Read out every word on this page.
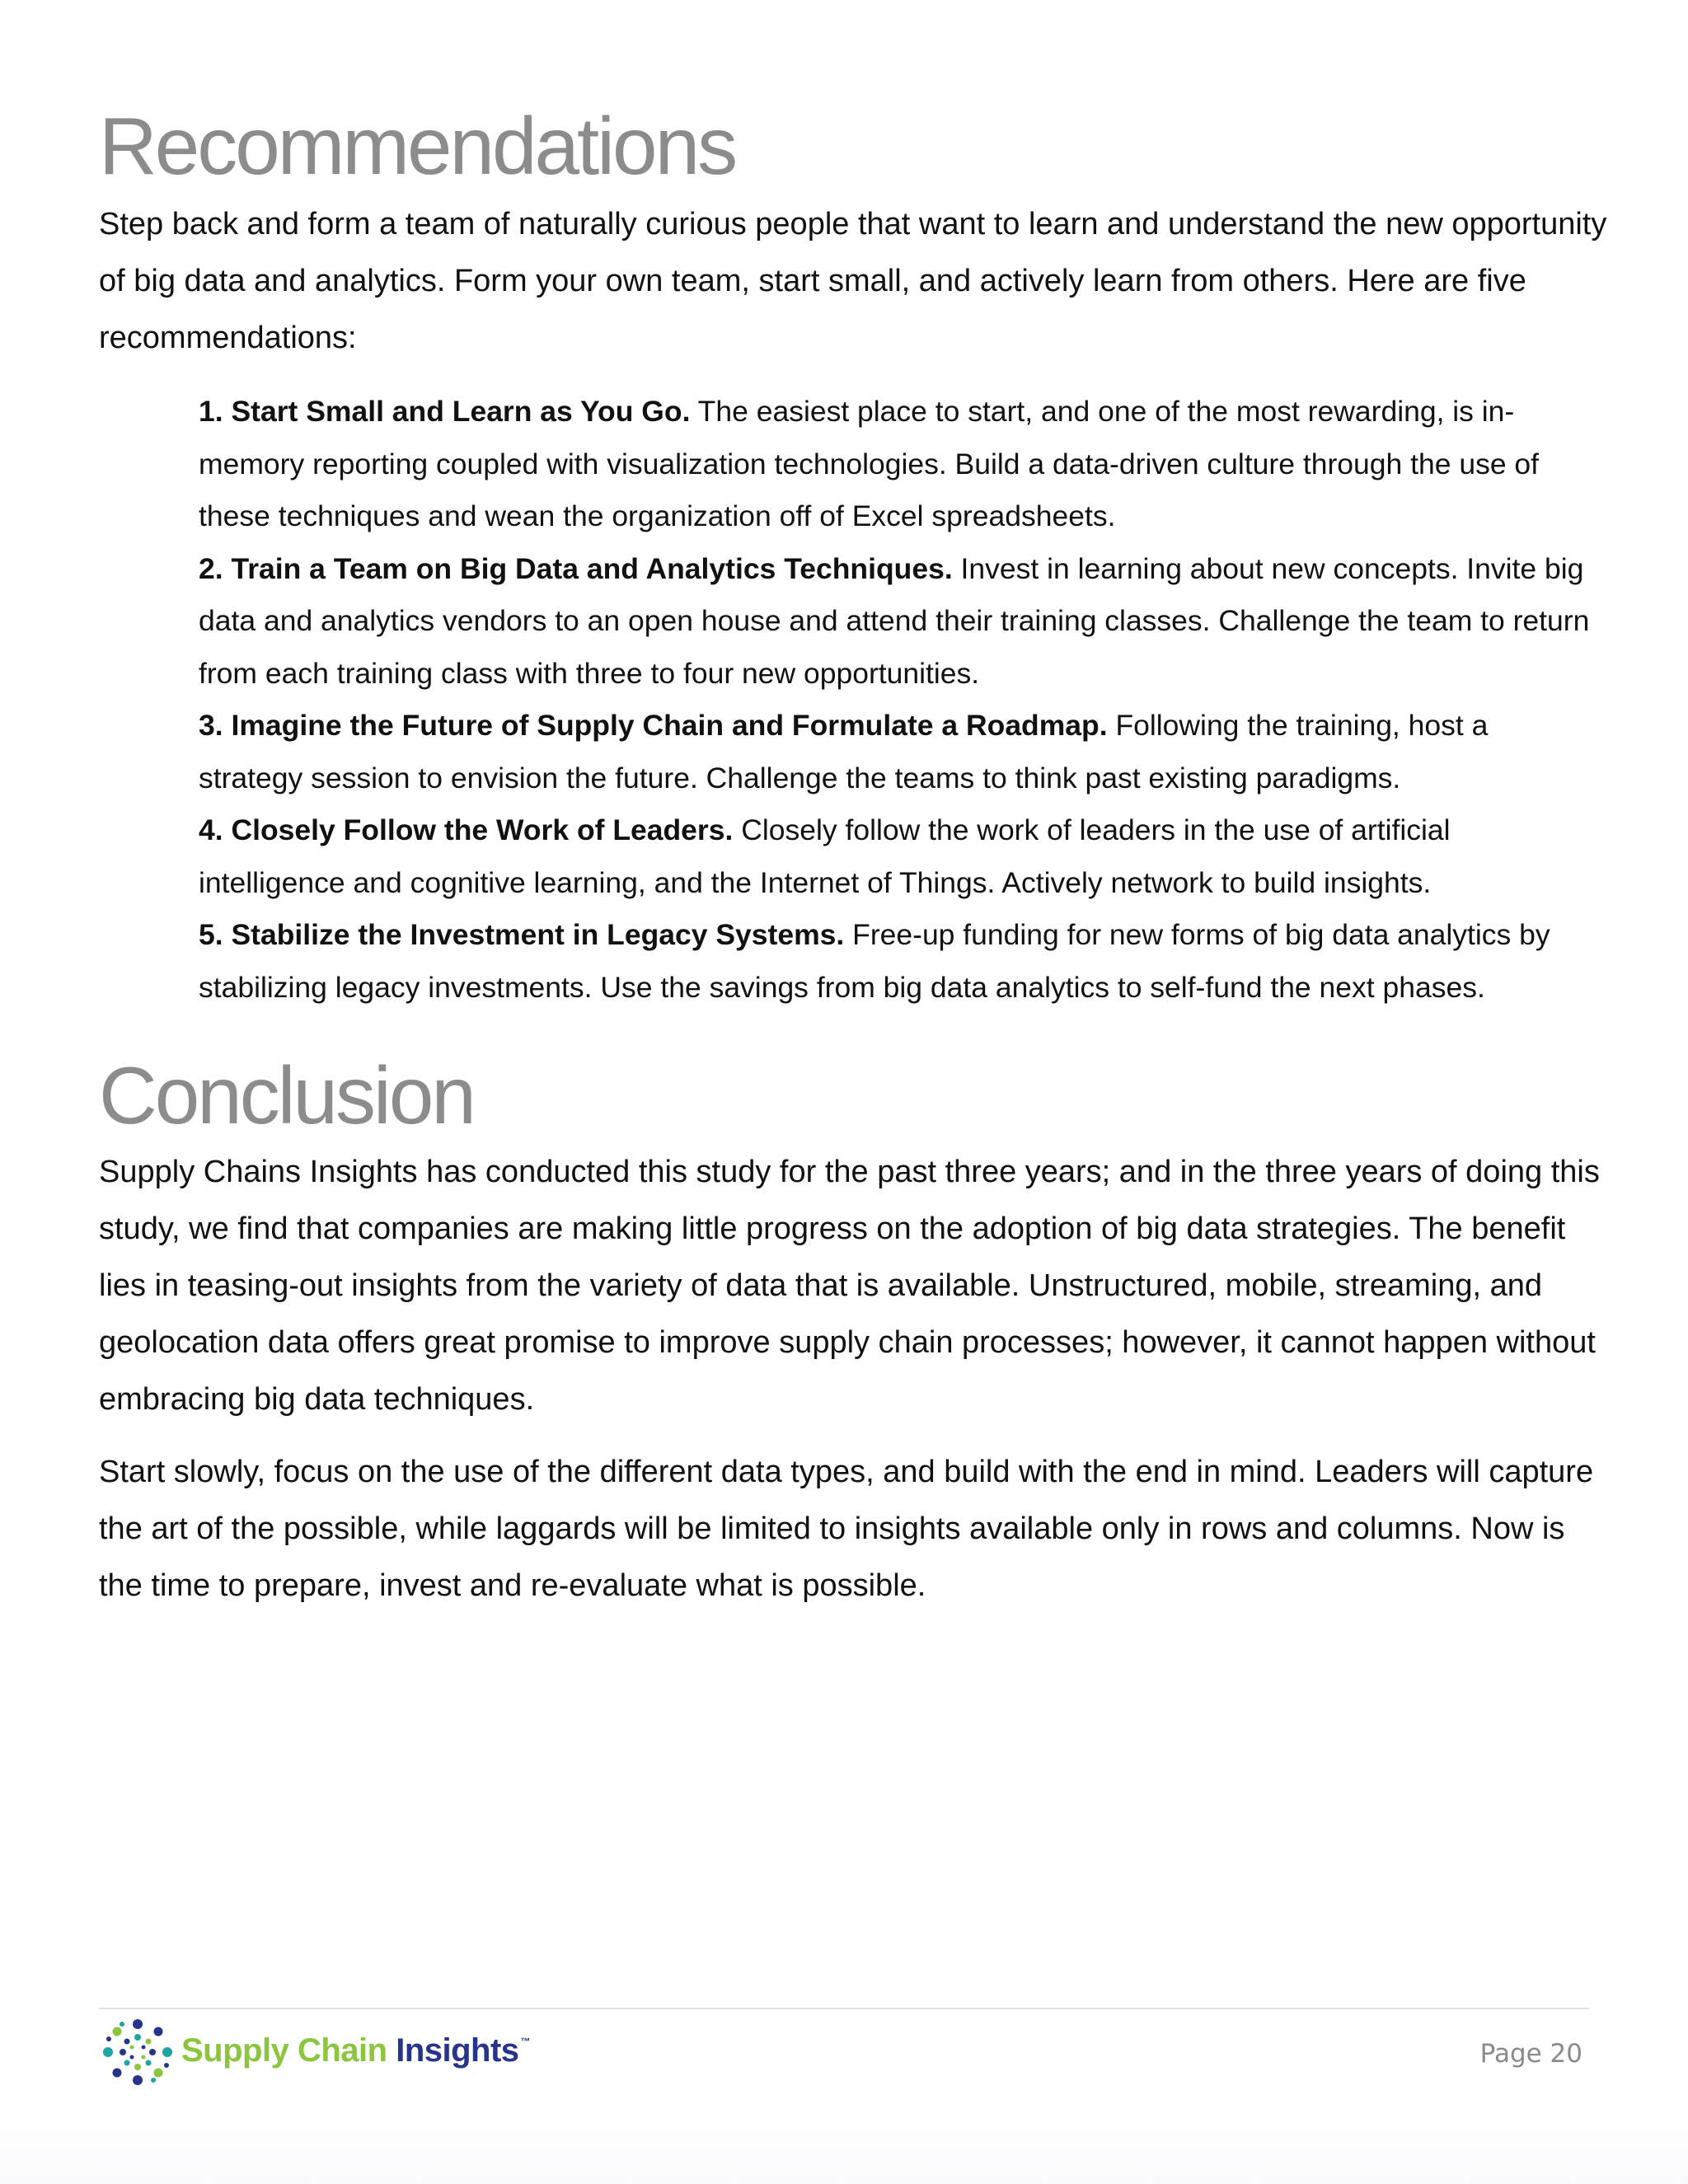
Recommendations

Step back and form a team of naturally curious people that want to learn and understand the new opportunity of big data and analytics. Form your own team, start small, and actively learn from others. Here are five recommendations:

1. Start Small and Learn as You Go. The easiest place to start, and one of the most rewarding, is in-memory reporting coupled with visualization technologies. Build a data-driven culture through the use of these techniques and wean the organization off of Excel spreadsheets.
2. Train a Team on Big Data and Analytics Techniques. Invest in learning about new concepts. Invite big data and analytics vendors to an open house and attend their training classes. Challenge the team to return from each training class with three to four new opportunities.
3. Imagine the Future of Supply Chain and Formulate a Roadmap. Following the training, host a strategy session to envision the future. Challenge the teams to think past existing paradigms.
4. Closely Follow the Work of Leaders. Closely follow the work of leaders in the use of artificial intelligence and cognitive learning, and the Internet of Things. Actively network to build insights.
5. Stabilize the Investment in Legacy Systems. Free-up funding for new forms of big data analytics by stabilizing legacy investments. Use the savings from big data analytics to self-fund the next phases.
Conclusion

Supply Chains Insights has conducted this study for the past three years; and in the three years of doing this study, we find that companies are making little progress on the adoption of big data strategies. The benefit lies in teasing-out insights from the variety of data that is available. Unstructured, mobile, streaming, and geolocation data offers great promise to improve supply chain processes; however, it cannot happen without embracing big data techniques.

Start slowly, focus on the use of the different data types, and build with the end in mind. Leaders will capture the art of the possible, while laggards will be limited to insights available only in rows and columns. Now is the time to prepare, invest and re-evaluate what is possible.

Supply Chain Insights ™	Page 20
